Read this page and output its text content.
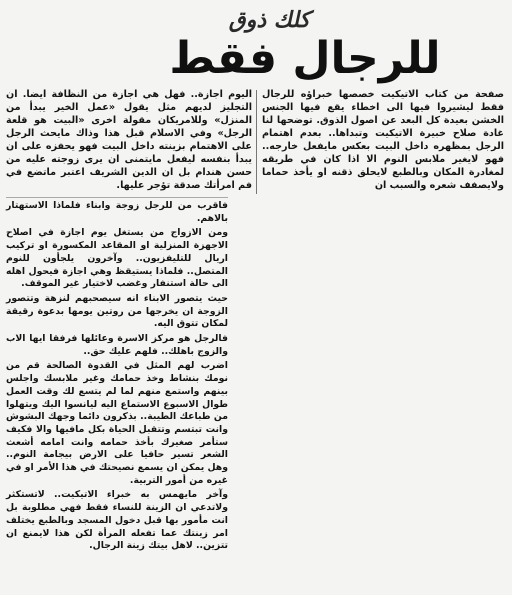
كلك ذوق
للرجال فقط

صفحة من كتاب الاتيكيت خصصها خبراؤه للرجال فقط ليشيروا فيها الى اخطاء يقع فيها الجنس الخشن بعيدة كل البعد عن اصول الذوق. توضحها لنا غادة صلاح خبيرة الاتيكيت وتبداها.. بعدم اهتمام الرجل بمظهره داخل البيت بعكس مايفعل خارجه.. فهو لايغير ملابس النوم الا اذا كان في طريقه لمغادرة المكان وبالطبع لايحلق ذقنه او يأخذ حماما ولايصفف شعره والسبب ان

اليوم اجازة.. فهل هي اجازة من النظافة ايضا. ان التجليز لديهم مثل يقول «عمل الخير يبدأ من المنزل» وللامريكان مقولة اخرى «البيت هو قلعة الرجل» وفي الاسلام قبل هذا وذاك مايحث الرجل على الاهتمام بزينته داخل البيت فهو يحفزه على ان يبدأ بنفسه ليفعل مايتمنى ان يرى زوجته عليه من حسن هندام بل ان الدين الشريف اعتبر ماتضع في فم امرأتك صدقة تؤجر عليها.

فاقرب من للرجل زوجة وابناء فلماذا الاستهتار بالاهم.

ومن الازواج من يستغل يوم اجازة في اصلاح الاجهزة المنزلية او المقاعد المكسورة او تركيب اريال للتليفزيون.. وآخرون يلجأون للنوم المتصل.. فلماذا يستيقظ وهي اجازة فيحول اهله الى حالة استنفار وغضب لاختيار غير الموقف.

حيث يتصور الابناء انه سيصحبهم لنزهة وتتصور الزوجة ان يخرجها من روتين يومها بدعوة رقيقة لمكان تتوق اليه.

فالرجل هو مركز الاسرة وعائلها فرفقا ايها الاب والزوج باهلك.. فلهم عليك حق..

اضرب لهم المثل في القدوة الصالحة قم من نومك بنشاط وخذ حمامك وغير ملابسك واجلس بينهم واستمع منهم لما لم يتسع لك وقت العمل طوال الاسبوع الاستماع اليه ليانسوا اليك ويتهلوا من طباعك الطيبة.. بذكرون دائما وجهك البشوش وانت تبتسم وتتقبل الحياة بكل مافيها والا فكيف ستأمر صغيرك بأخذ حمامه وانت امامه أشعث الشعر تسير حافيا على الارض بيجامة النوم.. وهل يمكن ان يسمع نصيحتك في هذا الأمر او في غيره من أمور التربية.

وآخر مايهمس به خبراء الاتيكيت.. لاتستكثر ولاتدعي ان الزينة للنساء فقط فهي مطلوبة بل انت مأمور بها قبل دخول المسجد وبالطبع يختلف امر زينتك عما تفعله المرأة لكن هذا لايمنع ان تتزين.. لاهل بيتك زينة الرجال.
